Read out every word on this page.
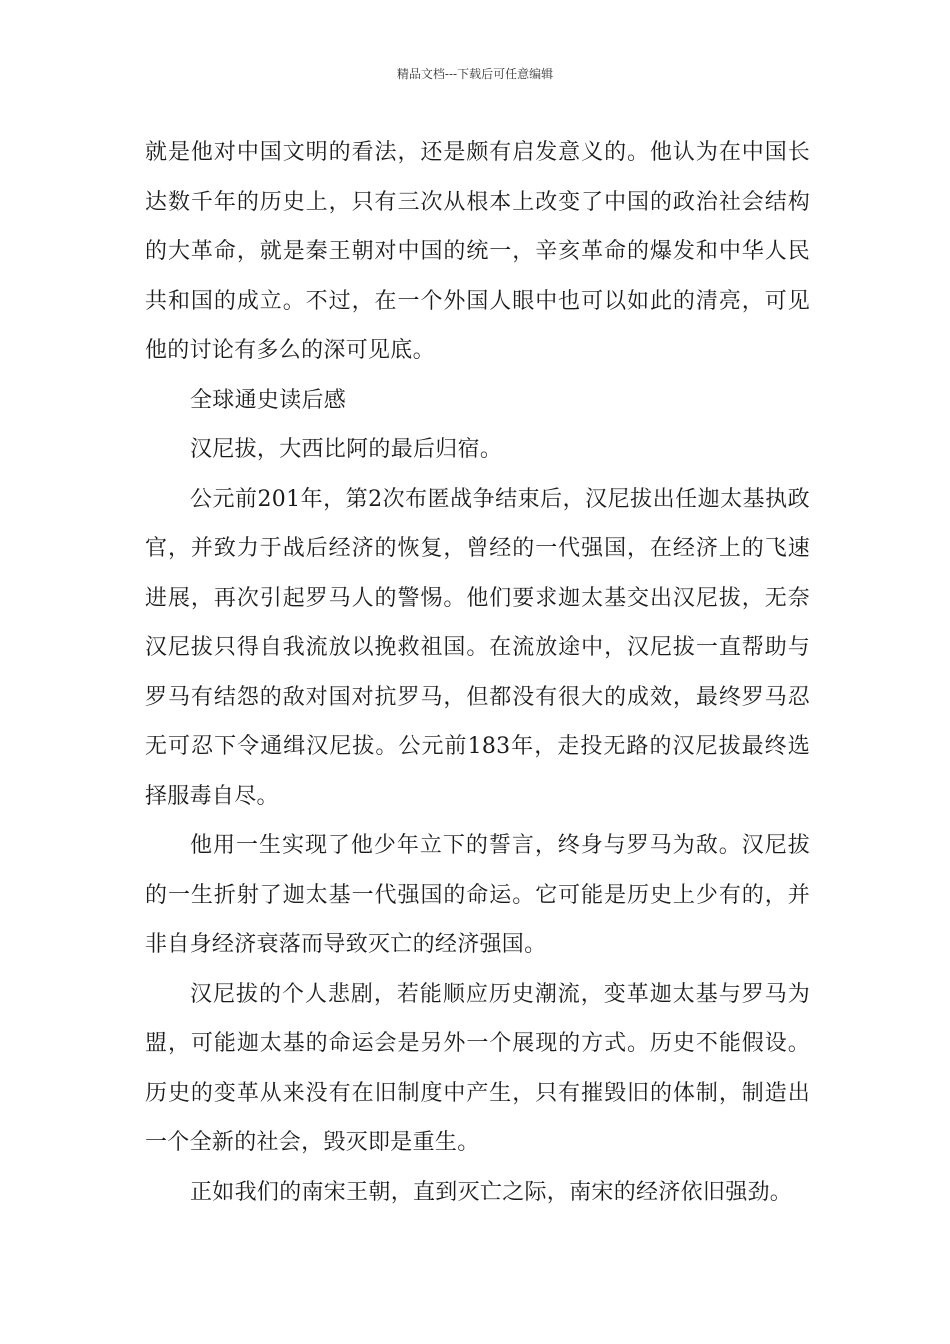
精品文档---下载后可任意编辑

就是他对中国文明的看法，还是颇有启发意义的。他认为在中国长达数千年的历史上，只有三次从根本上改变了中国的政治社会结构的大革命，就是秦王朝对中国的统一，辛亥革命的爆发和中华人民共和国的成立。不过，在一个外国人眼中也可以如此的清亮，可见他的讨论有多么的深可见底。

全球通史读后感

汉尼拔，大西比阿的最后归宿。

公元前201年，第2次布匿战争结束后，汉尼拔出任迦太基执政官，并致力于战后经济的恢复，曾经的一代强国，在经济上的飞速进展，再次引起罗马人的警惕。他们要求迦太基交出汉尼拔，无奈汉尼拔只得自我流放以挽救祖国。在流放途中，汉尼拔一直帮助与罗马有结怨的敌对国对抗罗马，但都没有很大的成效，最终罗马忍无可忍下令通缉汉尼拔。公元前183年，走投无路的汉尼拔最终选择服毒自尽。

他用一生实现了他少年立下的誓言，终身与罗马为敌。汉尼拔的一生折射了迦太基一代强国的命运。它可能是历史上少有的，并非自身经济衰落而导致灭亡的经济强国。

汉尼拔的个人悲剧，若能顺应历史潮流，变革迦太基与罗马为盟，可能迦太基的命运会是另外一个展现的方式。历史不能假设。历史的变革从来没有在旧制度中产生，只有摧毁旧的体制，制造出一个全新的社会，毁灭即是重生。

正如我们的南宋王朝，直到灭亡之际，南宋的经济依旧强劲。
